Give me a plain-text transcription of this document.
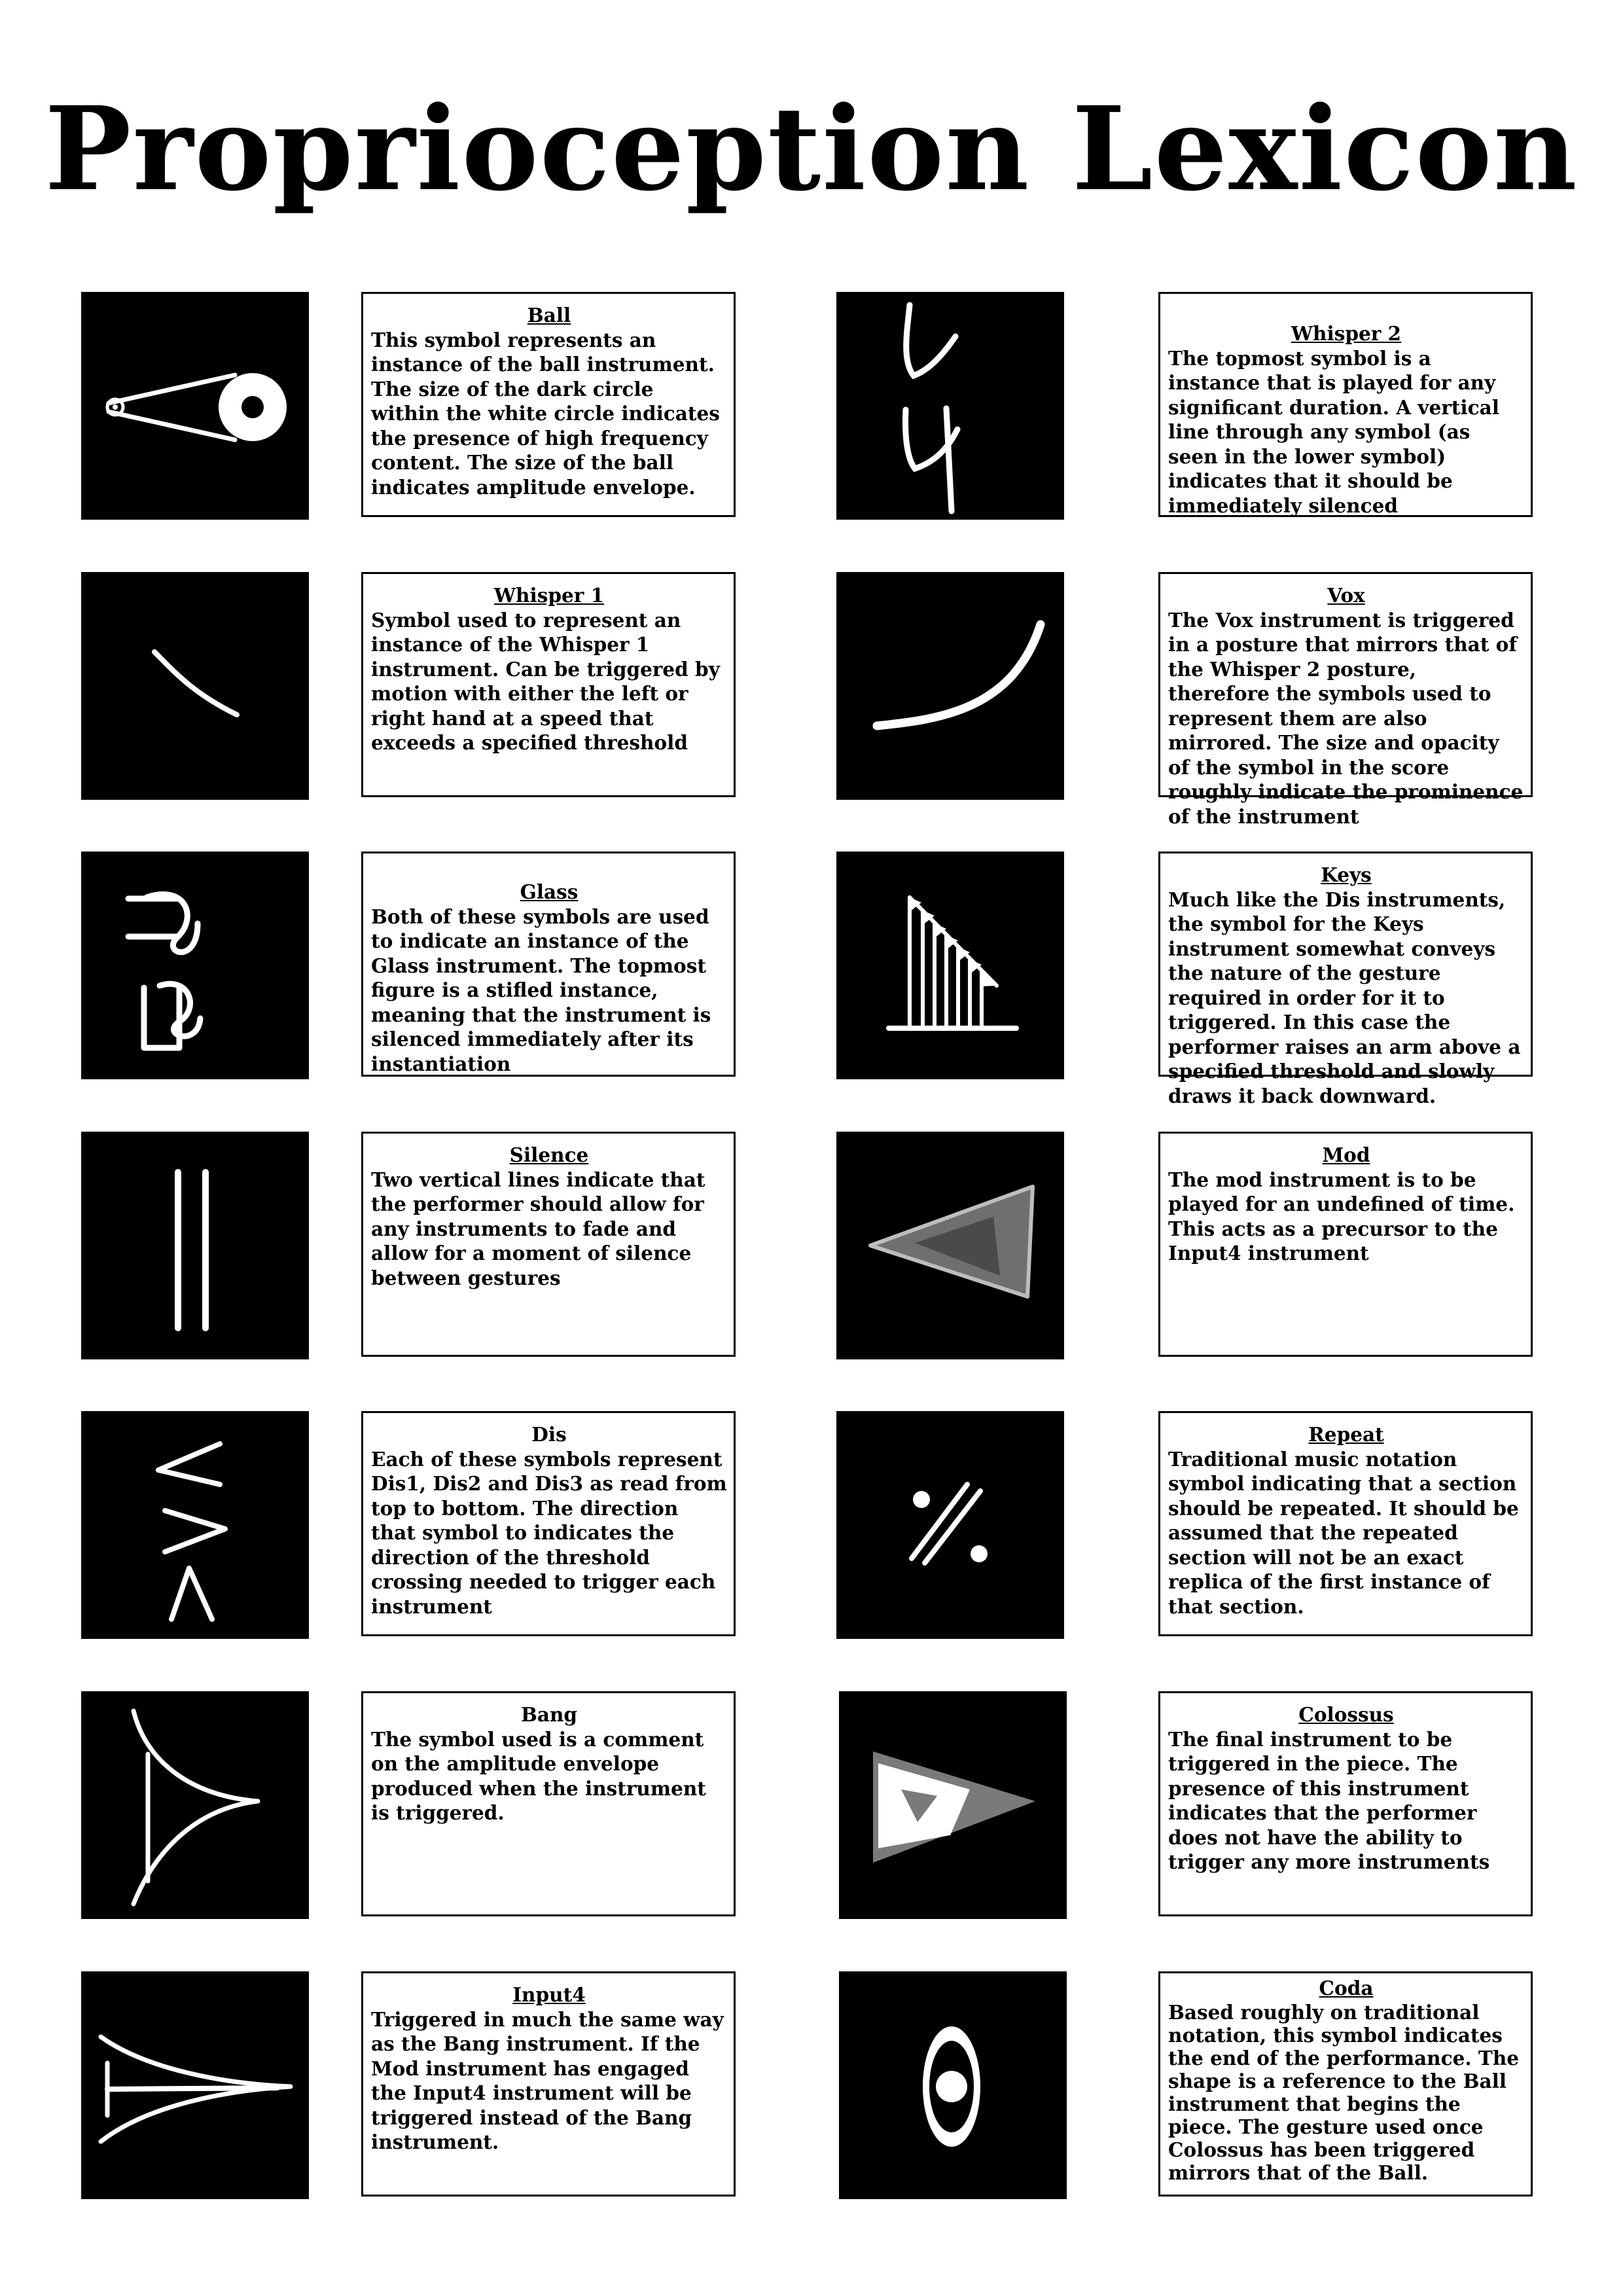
Proprioception Lexicon
Ball
This symbol represents an instance of the ball instrument. The size of the dark circle within the white circle indicates the presence of high frequency content. The size of the ball indicates amplitude envelope.
Whisper 2
The topmost symbol is a instance that is played for any significant duration. A vertical line through any symbol (as seen in the lower symbol) indicates that it should be immediately silenced
Whisper 1
Symbol used to represent an instance of the Whisper 1 instrument. Can be triggered by motion with either the left or right hand at a speed that exceeds a specified threshold
Vox
The Vox instrument is triggered in a posture that mirrors that of the Whisper 2 posture, therefore the symbols used to represent them are also mirrored. The size and opacity of the symbol in the score roughly indicate the prominence of the instrument
Glass
Both of these symbols are used to indicate an instance of the Glass instrument. The topmost figure is a stifled instance, meaning that the instrument is silenced immediately after its instantiation
Keys
Much like the Dis instruments, the symbol for the Keys instrument somewhat conveys the nature of the gesture required in order for it to triggered. In this case the performer raises an arm above a specified threshold and slowly draws it back downward.
Silence
Two vertical lines indicate that the performer should allow for any instruments to fade and allow for a moment of silence between gestures
Mod
The mod instrument is to be played for an undefined of time. This acts as a precursor to the Input4 instrument
Dis
Each of these symbols represent Dis1, Dis2 and Dis3 as read from top to bottom. The direction that symbol to indicates the direction of the threshold crossing needed to trigger each instrument
Repeat
Traditional music notation symbol indicating that a section should be repeated. It should be assumed that the repeated section will not be an exact replica of the first instance of that section.
Bang
The symbol used is a comment on the amplitude envelope produced when the instrument is triggered.
Colossus
The final instrument to be triggered in the piece. The presence of this instrument indicates that the performer does not have the ability to trigger any more instruments
Input4
Triggered in much the same way as the Bang instrument. If the Mod instrument has engaged the Input4 instrument will be triggered instead of the Bang instrument.
Coda
Based roughly on traditional notation, this symbol indicates the end of the performance. The shape is a reference to the Ball instrument that begins the piece. The gesture used once Colossus has been triggered mirrors that of the Ball.
